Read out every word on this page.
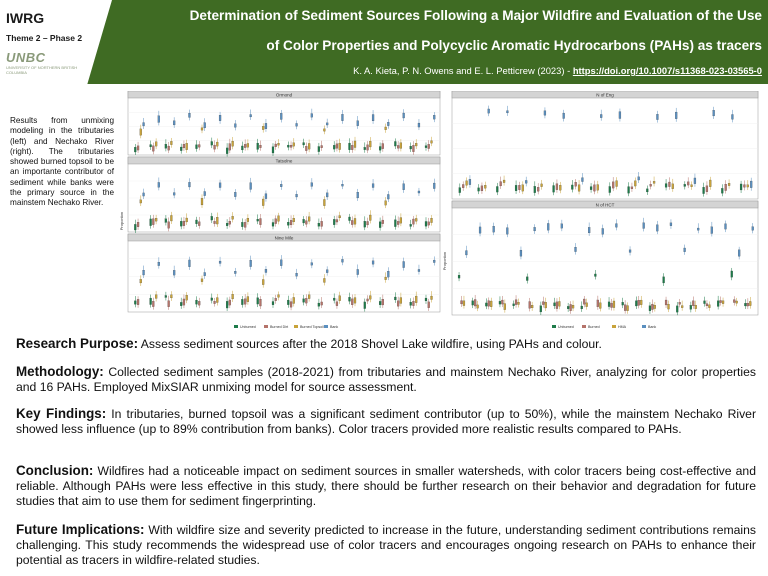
IWRG
Theme 2 – Phase 2
UNBC
UNIVERSITY OF NORTHERN BRITISH COLUMBIA
Determination of Sediment Sources Following a Major Wildfire and Evaluation of the Use
of Color Properties and Polycyclic Aromatic Hydrocarbons (PAHs) as tracers
K. A. Kieta, P. N. Owens and E. L. Petticrew (2023) - https://doi.org/10.1007/s11368-023-03565-0
Results from unmixing modeling in the tributaries (left) and Nechako River (right). The tributaries showed burned topsoil to be an importante contributor of sediment while banks were the primary source in the mainstem Nechako River.
Proportion
Proportion
Ormond
Tatsolne
Nine Mile
N of Eng
N of HCT
Unburned	Burned Dirt	Burned Topsoil Bank	Unburned	Burned	HMA	Bank
Research Purpose: Assess sediment sources after the 2018 Shovel Lake wildfire, using PAHs and colour.
Methodology: Collected sediment samples (2018-2021) from tributaries and mainstem Nechako River, analyzing for color properties and 16 PAHs. Employed MixSIAR unmixing model for source assessment.
Key Findings: In tributaries, burned topsoil was a significant sediment contributor (up to 50%), while the mainstem Nechako River showed less influence (up to 89% contribution from banks). Color tracers provided more realistic results compared to PAHs.
Conclusion: Wildfires had a noticeable impact on sediment sources in smaller watersheds, with color tracers being cost-effective and reliable. Although PAHs were less effective in this study, there should be further research on their behavior and degradation for future studies that aim to use them for sediment fingerprinting.
Future Implications: With wildfire size and severity predicted to increase in the future, understanding sediment contributions remains challenging. This study recommends the widespread use of color tracers and encourages ongoing research on PAHs to enhance their potential as tracers in wildfire-related studies.
